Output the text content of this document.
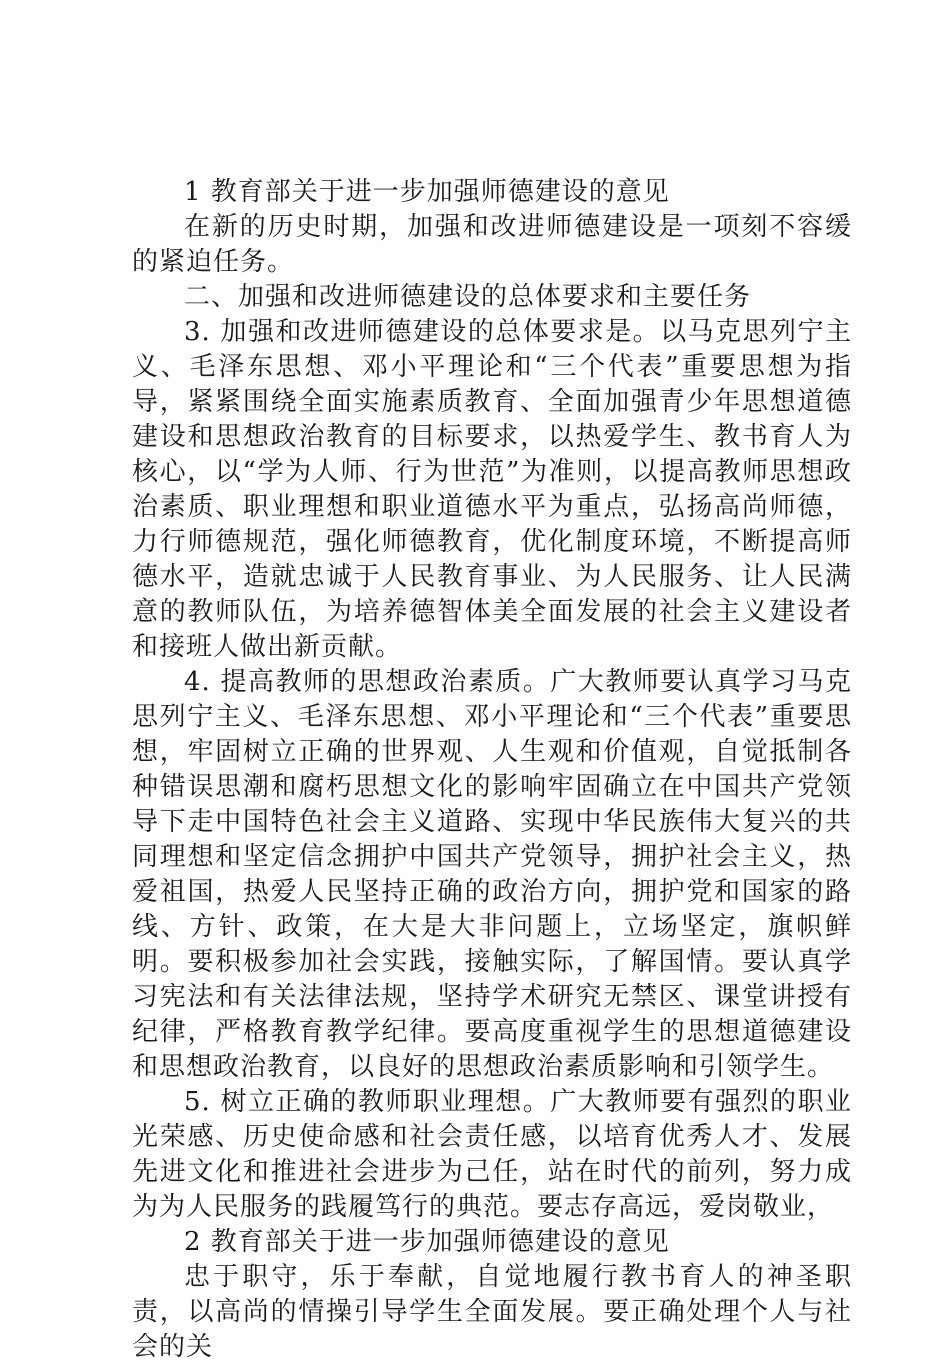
1 教育部关于进一步加强师德建设的意见

在新的历史时期，加强和改进师德建设是一项刻不容缓的紧迫任务。

二、加强和改进师德建设的总体要求和主要任务

3. 加强和改进师德建设的总体要求是。以马克思列宁主义、毛泽东思想、邓小平理论和“三个代表”重要思想为指导，紧紧围绕全面实施素质教育、全面加强青少年思想道德建设和思想政治教育的目标要求，以热爱学生、教书育人为核心，以“学为人师、行为世范”为准则，以提高教师思想政治素质、职业理想和职业道德水平为重点，弘扬高尚师德，力行师德规范，强化师德教育，优化制度环境，不断提高师德水平，造就忠诚于人民教育事业、为人民服务、让人民满意的教师队伍，为培养德智体美全面发展的社会主义建设者和接班人做出新贡献。

4. 提高教师的思想政治素质。广大教师要认真学习马克思列宁主义、毛泽东思想、邓小平理论和“三个代表”重要思想，牢固树立正确的世界观、人生观和价值观，自觉抵制各种错误思潮和腐朽思想文化的影响牢固确立在中国共产党领导下走中国特色社会主义道路、实现中华民族伟大复兴的共同理想和坚定信念拥护中国共产党领导，拥护社会主义，热爱祖国，热爱人民坚持正确的政治方向，拥护党和国家的路线、方针、政策，在大是大非问题上，立场坚定，旗帜鲜明。要积极参加社会实践，接触实际，了解国情。要认真学习宪法和有关法律法规，坚持学术研究无禁区、课堂讲授有纪律，严格教育教学纪律。要高度重视学生的思想道德建设和思想政治教育，以良好的思想政治素质影响和引领学生。

5. 树立正确的教师职业理想。广大教师要有强烈的职业光荣感、历史使命感和社会责任感，以培育优秀人才、发展先进文化和推进社会进步为己任，站在时代的前列，努力成为为人民服务的践履笃行的典范。要志存高远，爱岗敬业，

2 教育部关于进一步加强师德建设的意见

忠于职守，乐于奉献，自觉地履行教书育人的神圣职责，以高尚的情操引导学生全面发展。要正确处理个人与社会的关
